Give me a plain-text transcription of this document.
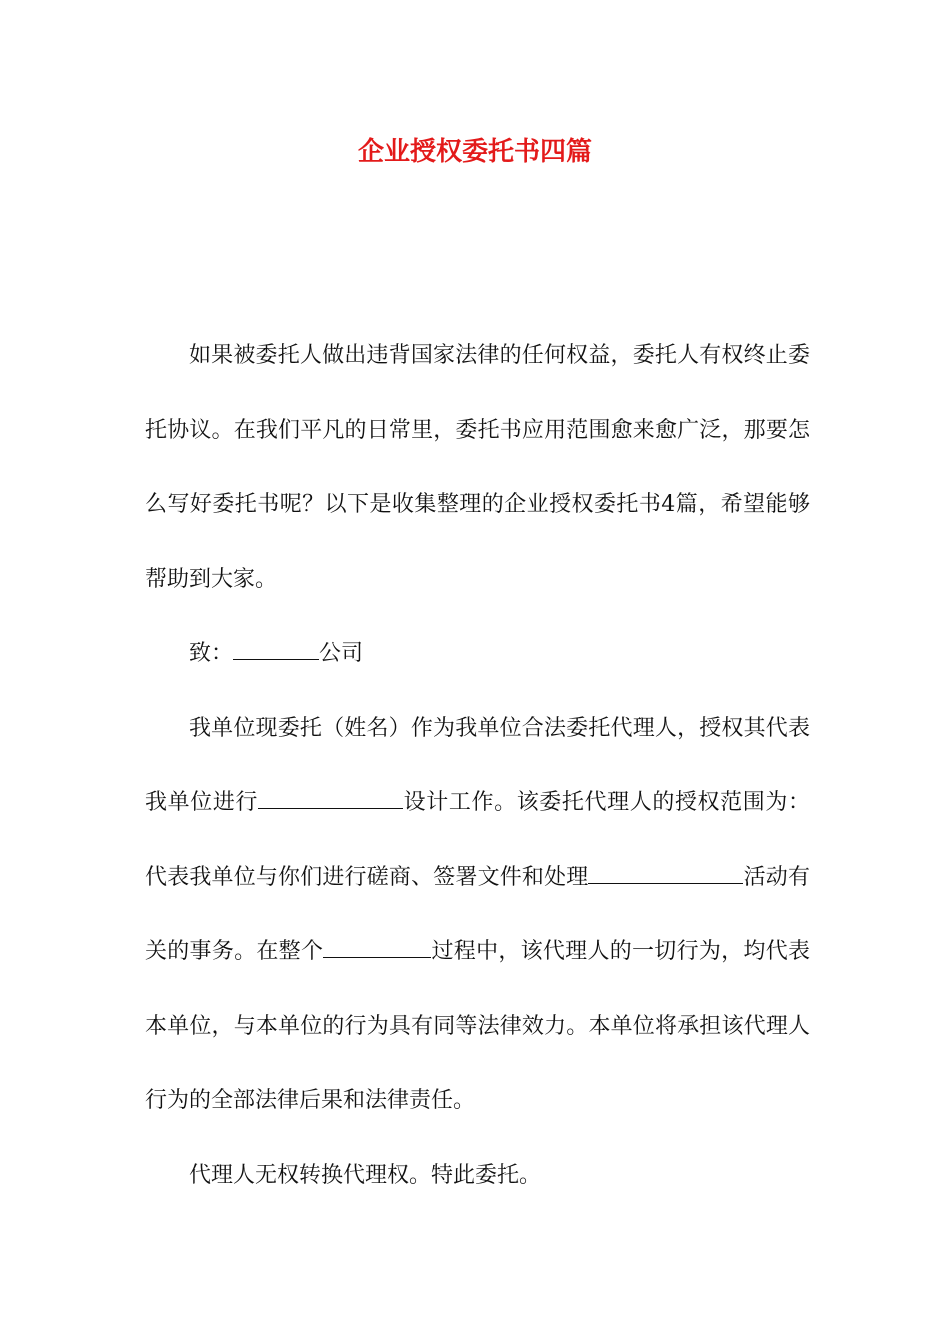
企业授权委托书四篇

如果被委托人做出违背国家法律的任何权益，委托人有权终止委托协议。在我们平凡的日常里，委托书应用范围愈来愈广泛，那要怎么写好委托书呢？以下是收集整理的企业授权委托书4篇，希望能够帮助到大家。

致：	公司

我单位现委托（姓名）作为我单位合法委托代理人，授权其代表我单位进行	设计工作。该委托代理人的授权范围为：代表我单位与你们进行磋商、签署文件和处理	活动有关的事务。在整个	过程中，该代理人的一切行为，均代表本单位，与本单位的行为具有同等法律效力。本单位将承担该代理人行为的全部法律后果和法律责任。

代理人无权转换代理权。特此委托。
